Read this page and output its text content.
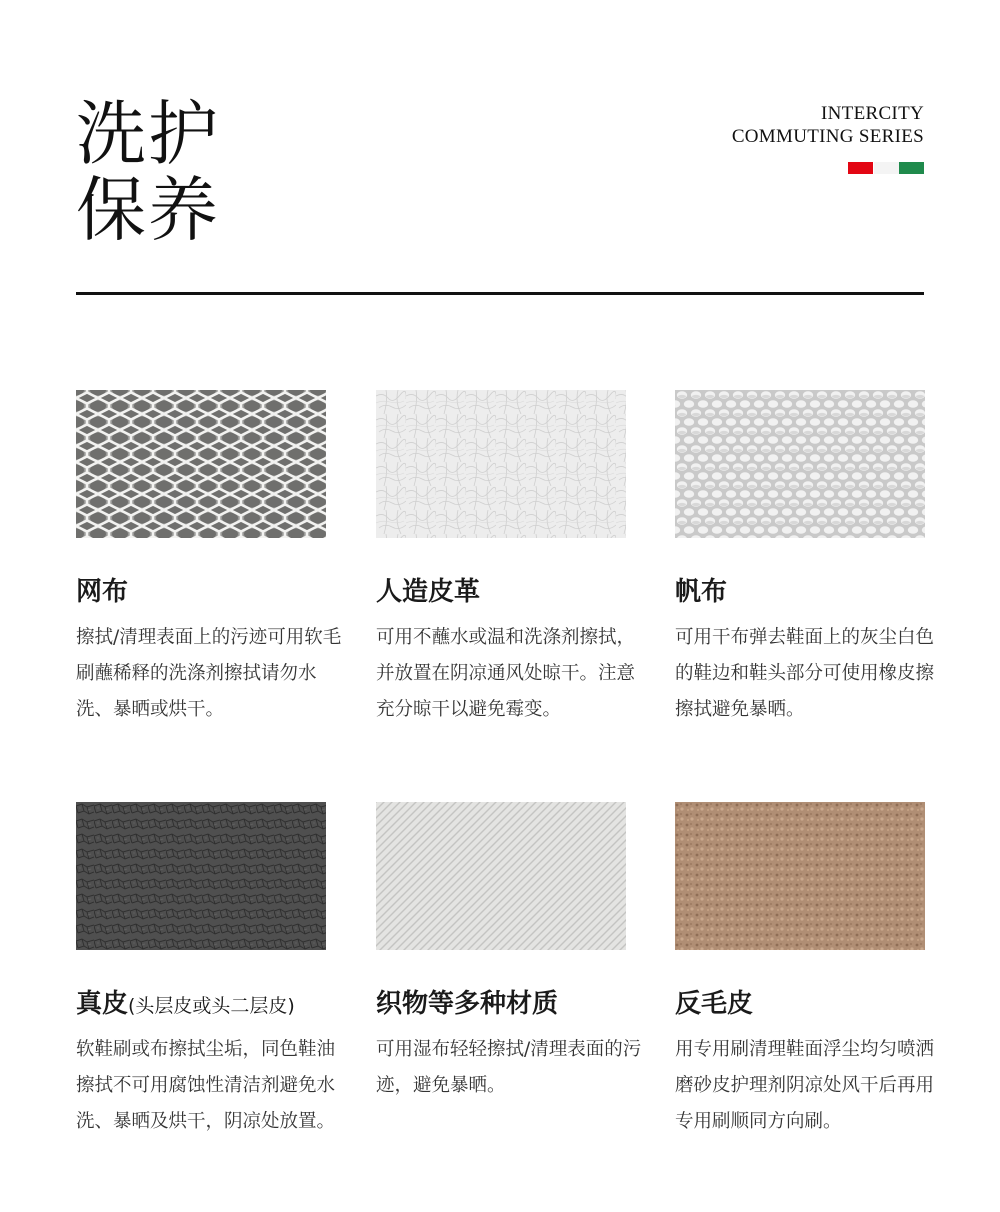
洗护
保养
INTERCITY
COMMUTING SERIES
网布

擦拭/清理表面上的污迹可用软毛刷蘸稀释的洗涤剂擦拭请勿水洗、暴晒或烘干。

人造皮革

可用不蘸水或温和洗涤剂擦拭，并放置在阴凉通风处晾干。注意充分晾干以避免霉变。

帆布

可用干布弹去鞋面上的灰尘白色的鞋边和鞋头部分可使用橡皮擦擦拭避免暴晒。

真皮(头层皮或头二层皮)

软鞋刷或布擦拭尘垢，同色鞋油擦拭不可用腐蚀性清洁剂避免水洗、暴晒及烘干，阴凉处放置。

织物等多种材质

可用湿布轻轻擦拭/清理表面的污迹，避免暴晒。

反毛皮

用专用刷清理鞋面浮尘均匀喷洒磨砂皮护理剂阴凉处风干后再用专用刷顺同方向刷。
